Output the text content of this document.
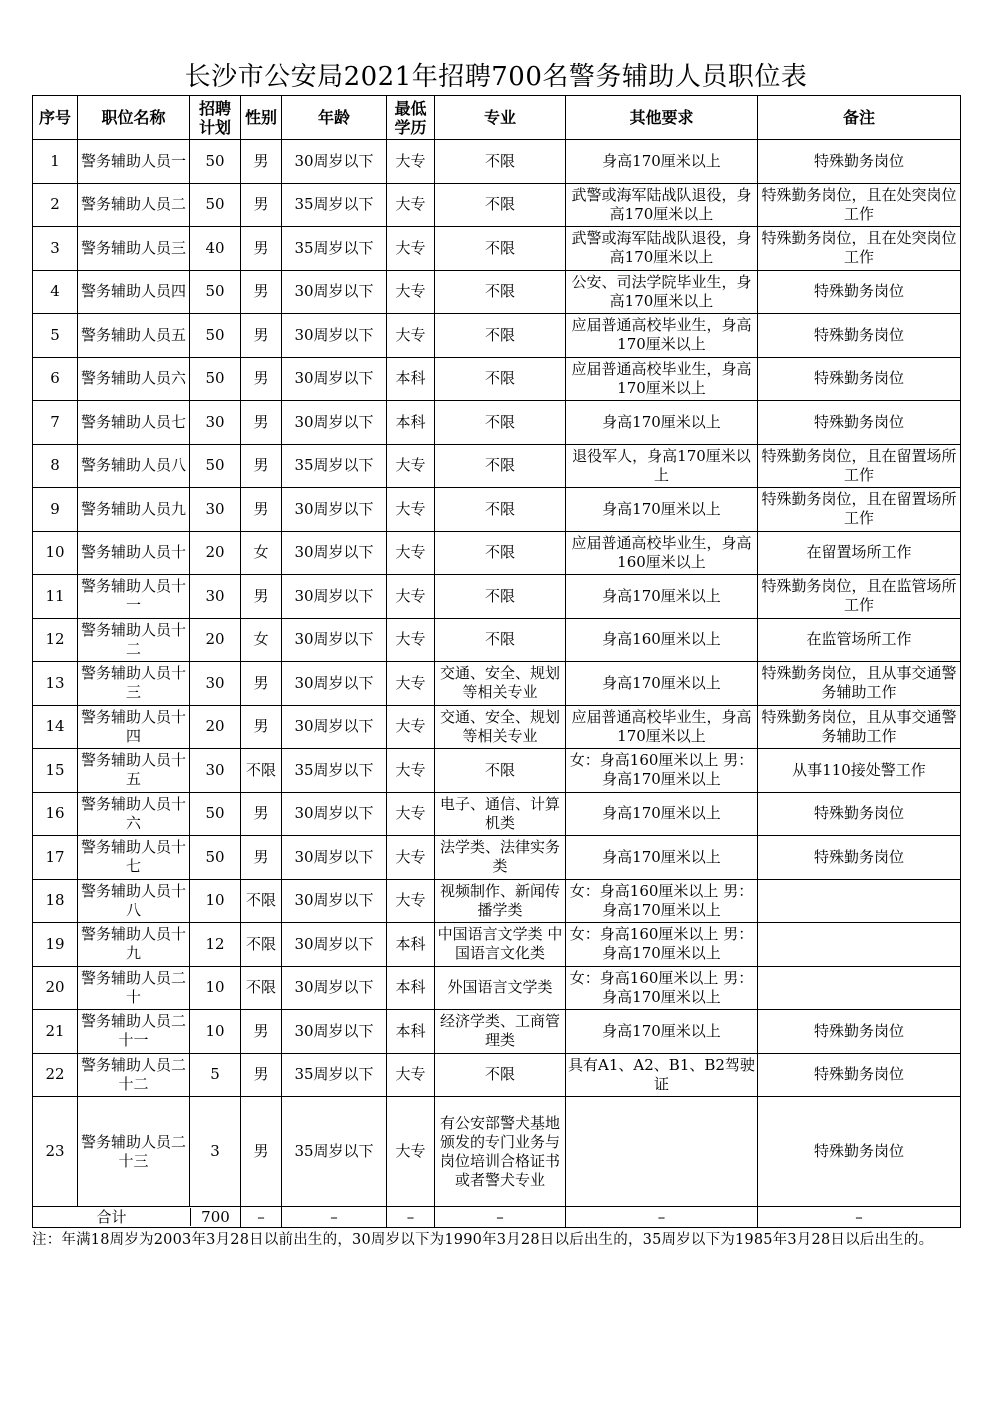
长沙市公安局2021年招聘700名警务辅助人员职位表
序号	职位名称	招聘计划	性别	年龄	最低学历	专业	其他要求	备注
1	警务辅助人员一	50	男	30周岁以下	大专	不限	身高170厘米以上	特殊勤务岗位
2	警务辅助人员二	50	男	35周岁以下	大专	不限	武警或海军陆战队退役，身高170厘米以上	特殊勤务岗位，且在处突岗位工作
3	警务辅助人员三	40	男	35周岁以下	大专	不限	武警或海军陆战队退役，身高170厘米以上	特殊勤务岗位，且在处突岗位工作
4	警务辅助人员四	50	男	30周岁以下	大专	不限	公安、司法学院毕业生，身高170厘米以上	特殊勤务岗位
5	警务辅助人员五	50	男	30周岁以下	大专	不限	应届普通高校毕业生，身高170厘米以上	特殊勤务岗位
6	警务辅助人员六	50	男	30周岁以下	本科	不限	应届普通高校毕业生，身高170厘米以上	特殊勤务岗位
7	警务辅助人员七	30	男	30周岁以下	本科	不限	身高170厘米以上	特殊勤务岗位
8	警务辅助人员八	50	男	35周岁以下	大专	不限	退役军人，身高170厘米以上	特殊勤务岗位，且在留置场所工作
9	警务辅助人员九	30	男	30周岁以下	大专	不限	身高170厘米以上	特殊勤务岗位，且在留置场所工作
10	警务辅助人员十	20	女	30周岁以下	大专	不限	应届普通高校毕业生，身高160厘米以上	在留置场所工作
11	警务辅助人员十一	30	男	30周岁以下	大专	不限	身高170厘米以上	特殊勤务岗位，且在监管场所工作
12	警务辅助人员十二	20	女	30周岁以下	大专	不限	身高160厘米以上	在监管场所工作
13	警务辅助人员十三	30	男	30周岁以下	大专	交通、安全、规划等相关专业	身高170厘米以上	特殊勤务岗位，且从事交通警务辅助工作
14	警务辅助人员十四	20	男	30周岁以下	大专	交通、安全、规划等相关专业	应届普通高校毕业生，身高170厘米以上	特殊勤务岗位，且从事交通警务辅助工作
15	警务辅助人员十五	30	不限	35周岁以下	大专	不限	女：身高160厘米以上 男：身高170厘米以上	从事110接处警工作
16	警务辅助人员十六	50	男	30周岁以下	大专	电子、通信、计算机类	身高170厘米以上	特殊勤务岗位
17	警务辅助人员十七	50	男	30周岁以下	大专	法学类、法律实务类	身高170厘米以上	特殊勤务岗位
18	警务辅助人员十八	10	不限	30周岁以下	大专	视频制作、新闻传播学类	女：身高160厘米以上 男：身高170厘米以上	
19	警务辅助人员十九	12	不限	30周岁以下	本科	中国语言文学类 中国语言文化类	女：身高160厘米以上 男：身高170厘米以上	
20	警务辅助人员二十	10	不限	30周岁以下	本科	外国语言文学类	女：身高160厘米以上 男：身高170厘米以上	
21	警务辅助人员二十一	10	男	30周岁以下	本科	经济学类、工商管理类	身高170厘米以上	特殊勤务岗位
22	警务辅助人员二十二	5	男	35周岁以下	大专	不限	具有A1、A2、B1、B2驾驶证	特殊勤务岗位
23	警务辅助人员二十三	3	男	35周岁以下	大专	有公安部警犬基地颁发的专门业务与岗位培训合格证书或者警犬专业		特殊勤务岗位

合计 700			–	–	–	–	–	–
注：年满18周岁为2003年3月28日以前出生的，30周岁以下为1990年3月28日以后出生的，35周岁以下为1985年3月28日以后出生的。
